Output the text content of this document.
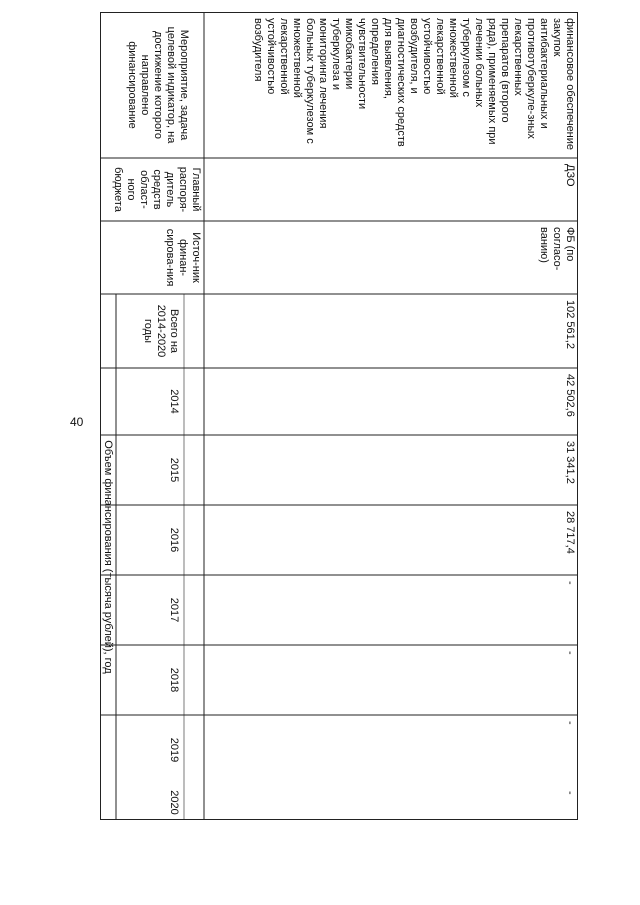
40
Мероприятие, задача целевой индикатор, на достижение которого направлено финансирование
Главный распоря-дитель средств област-ного бюджета
Источ-ник финан-сирова-ния
Объем финансирования (тысяча рублей), год
Всего на 2014-2020 годы
2014
2015
2016
2017
2018
2019
2020
финансовое обеспечение закупок антибактериальных и противотуберкуле-зных лекарственных препаратов (второго ряда), применяемых при лечении больных туберкулезом с множественной лекарственной устойчивостью возбудителя, и диагностических средств для выявления, определения чувствительности микобактерии туберкулеза и мониторинга лечения больных туберкулезом с множественной лекарственной устойчивостью возбудителя
ДЗО
ФБ (по согласо-ванию)
102 561,2
42 502,6
31 341,2
28 717,4
-
-
-
-
